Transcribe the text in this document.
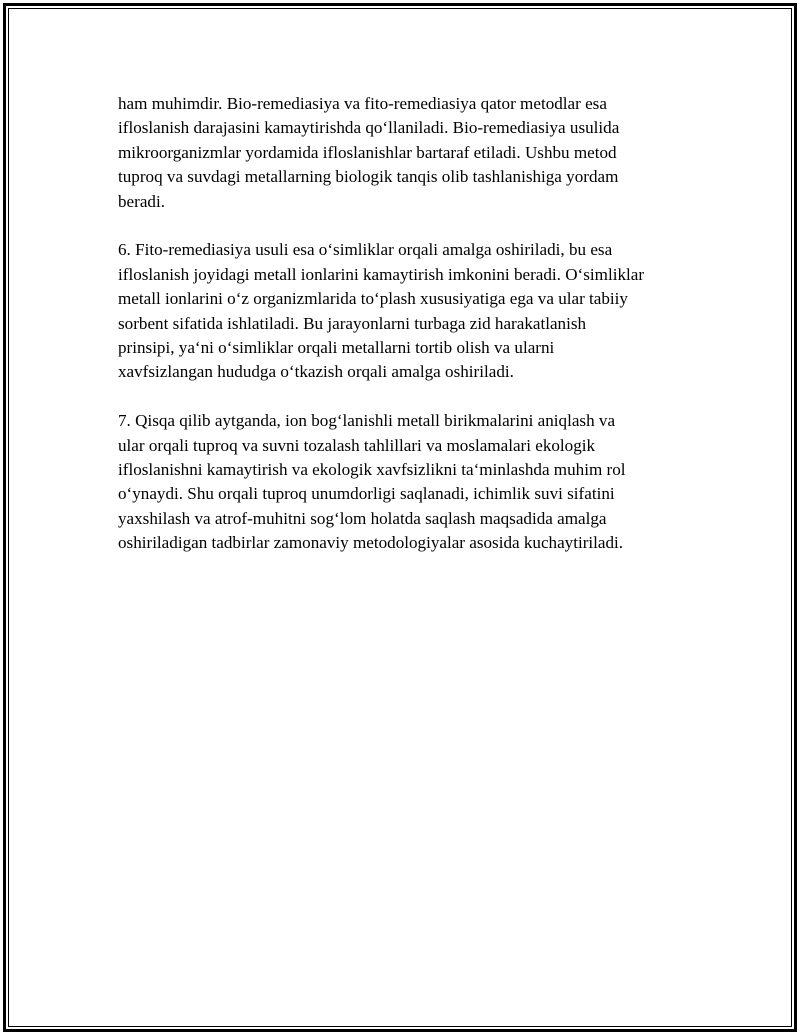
ham muhimdir. Bio-remediasiya va fito-remediasiya qator metodlar esa
ifloslanish darajasini kamaytirishda qo‘llaniladi. Bio-remediasiya usulida
mikroorganizmlar yordamida ifloslanishlar bartaraf etiladi. Ushbu metod
tuproq va suvdagi metallarning biologik tanqis olib tashlanishiga yordam
beradi.

6. Fito-remediasiya usuli esa o‘simliklar orqali amalga oshiriladi, bu esa
ifloslanish joyidagi metall ionlarini kamaytirish imkonini beradi. O‘simliklar
metall ionlarini o‘z organizmlarida to‘plash xususiyatiga ega va ular tabiiy
sorbent sifatida ishlatiladi. Bu jarayonlarni turbaga zid harakatlanish
prinsipi, ya‘ni o‘simliklar orqali metallarni tortib olish va ularni
xavfsizlangan hududga o‘tkazish orqali amalga oshiriladi.

7. Qisqa qilib aytganda, ion bog‘lanishli metall birikmalarini aniqlash va
ular orqali tuproq va suvni tozalash tahlillari va moslamalari ekologik
ifloslanishni kamaytirish va ekologik xavfsizlikni ta‘minlashda muhim rol
o‘ynaydi. Shu orqali tuproq unumdorligi saqlanadi, ichimlik suvi sifatini
yaxshilash va atrof-muhitni sog‘lom holatda saqlash maqsadida amalga
oshiriladigan tadbirlar zamonaviy metodologiyalar asosida kuchaytiriladi.
